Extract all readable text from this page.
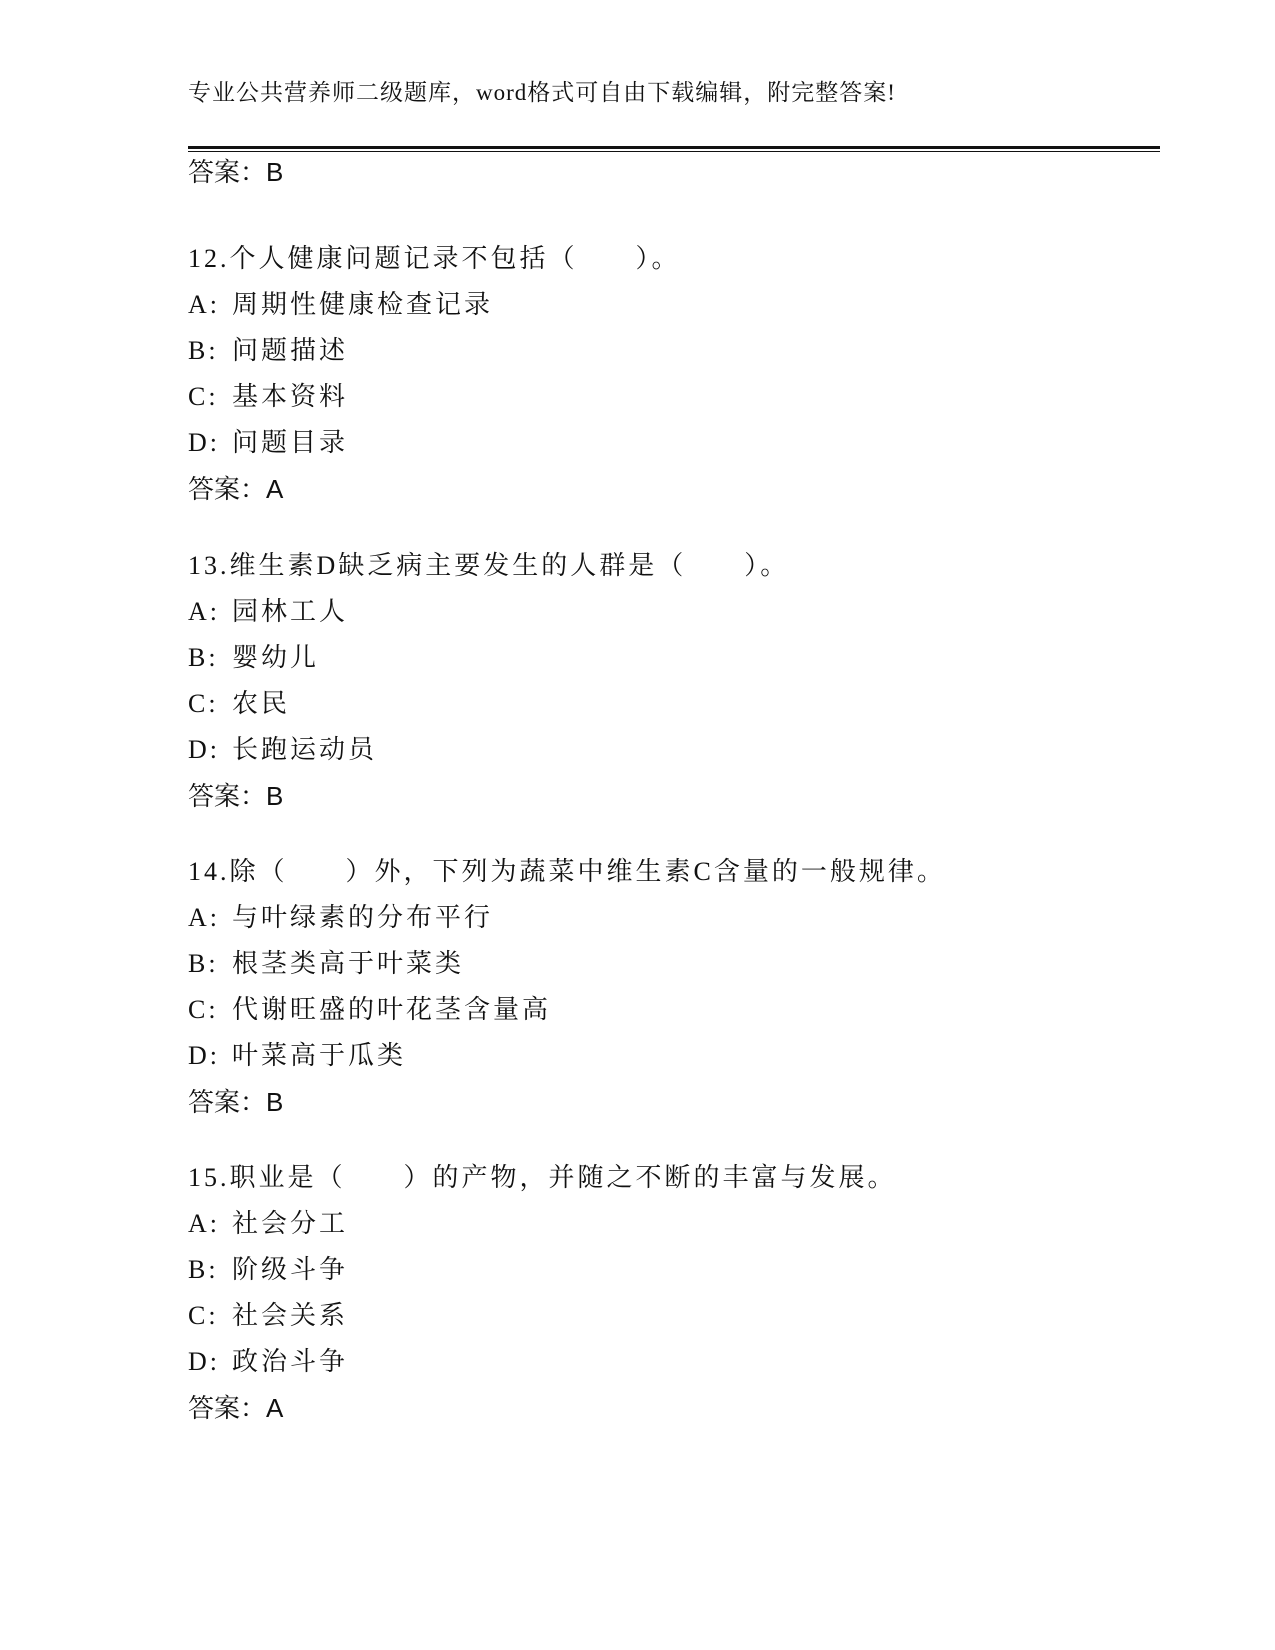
专业公共营养师二级题库，word格式可自由下载编辑，附完整答案!
答案：B
12.个人健康问题记录不包括（　　）。
A: 周期性健康检查记录
B: 问题描述
C: 基本资料
D: 问题目录
答案：A
13.维生素D缺乏病主要发生的人群是（　　）。
A: 园林工人
B: 婴幼儿
C: 农民
D: 长跑运动员
答案：B
14.除（　　）外，下列为蔬菜中维生素C含量的一般规律。
A: 与叶绿素的分布平行
B: 根茎类高于叶菜类
C: 代谢旺盛的叶花茎含量高
D: 叶菜高于瓜类
答案：B
15.职业是（　　）的产物，并随之不断的丰富与发展。
A: 社会分工
B: 阶级斗争
C: 社会关系
D: 政治斗争
答案：A
